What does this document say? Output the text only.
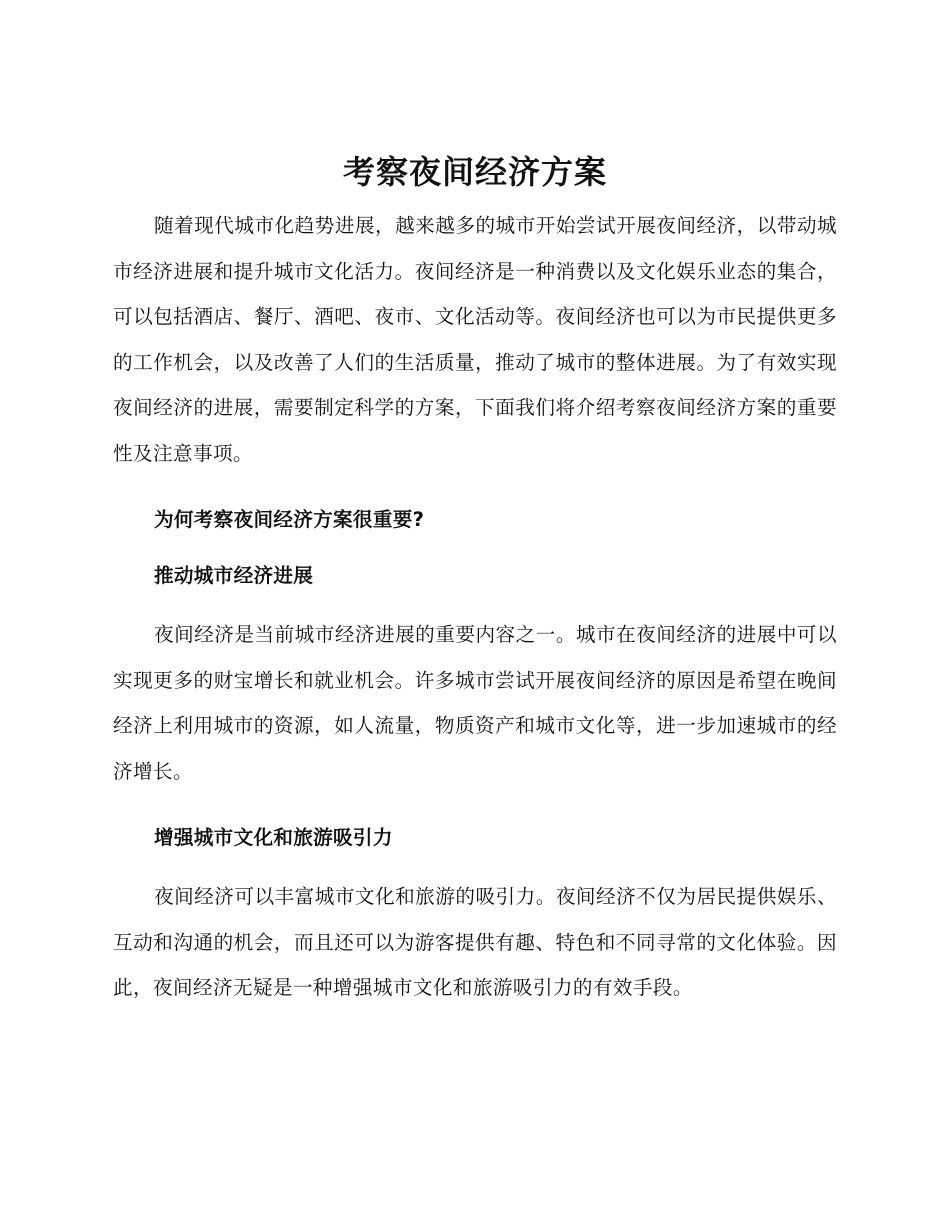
考察夜间经济方案

随着现代城市化趋势进展，越来越多的城市开始尝试开展夜间经济，以带动城市经济进展和提升城市文化活力。夜间经济是一种消费以及文化娱乐业态的集合，可以包括酒店、餐厅、酒吧、夜市、文化活动等。夜间经济也可以为市民提供更多的工作机会，以及改善了人们的生活质量，推动了城市的整体进展。为了有效实现夜间经济的进展，需要制定科学的方案，下面我们将介绍考察夜间经济方案的重要性及注意事项。

为何考察夜间经济方案很重要?

推动城市经济进展

夜间经济是当前城市经济进展的重要内容之一。城市在夜间经济的进展中可以实现更多的财宝增长和就业机会。许多城市尝试开展夜间经济的原因是希望在晚间经济上利用城市的资源，如人流量，物质资产和城市文化等，进一步加速城市的经济增长。

增强城市文化和旅游吸引力

夜间经济可以丰富城市文化和旅游的吸引力。夜间经济不仅为居民提供娱乐、互动和沟通的机会，而且还可以为游客提供有趣、特色和不同寻常的文化体验。因此，夜间经济无疑是一种增强城市文化和旅游吸引力的有效手段。
